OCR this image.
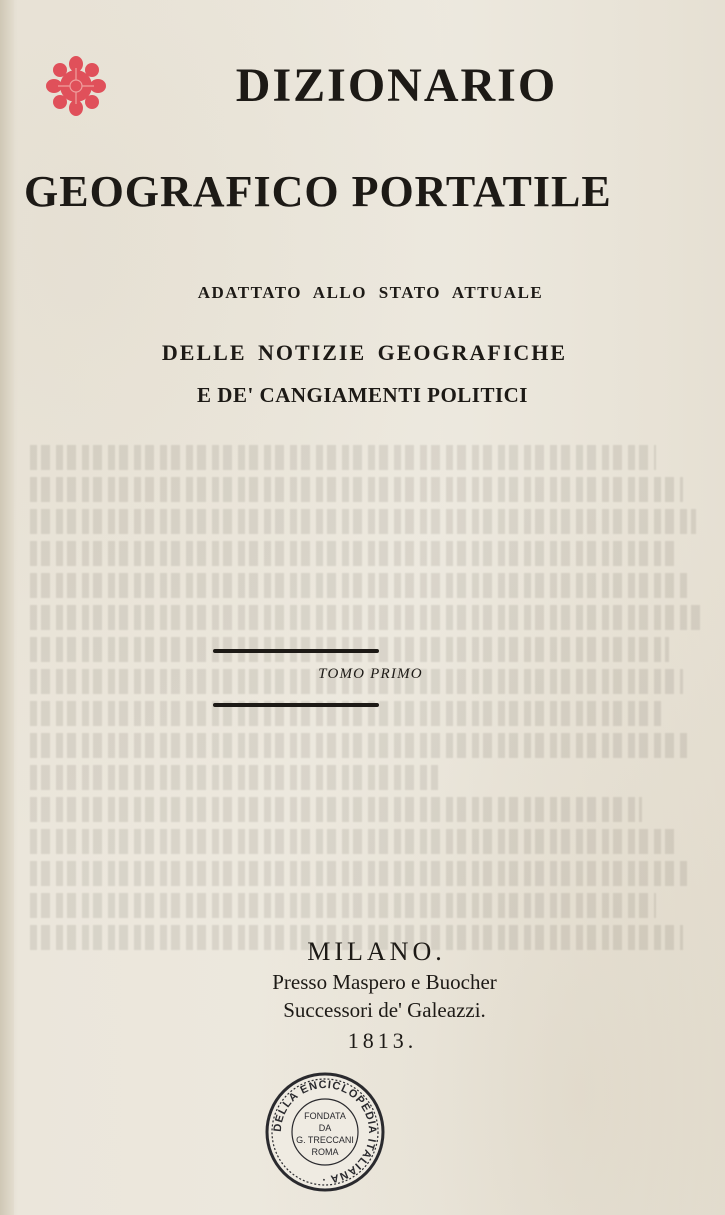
DIZIONARIO
GEOGRAFICO PORTATILE

ADATTATO ALLO STATO ATTUALE

DELLE NOTIZIE GEOGRAFICHE

E DE' CANGIAMENTI POLITICI

TOMO PRIMO

MILANO.

Presso Maspero e Buocher

Successori de' Galeazzi.

1813.

DELLA ENCICLOPEDIA ITALIANA ·
FONDATA
DA
G. TRECCANI
ROMA
